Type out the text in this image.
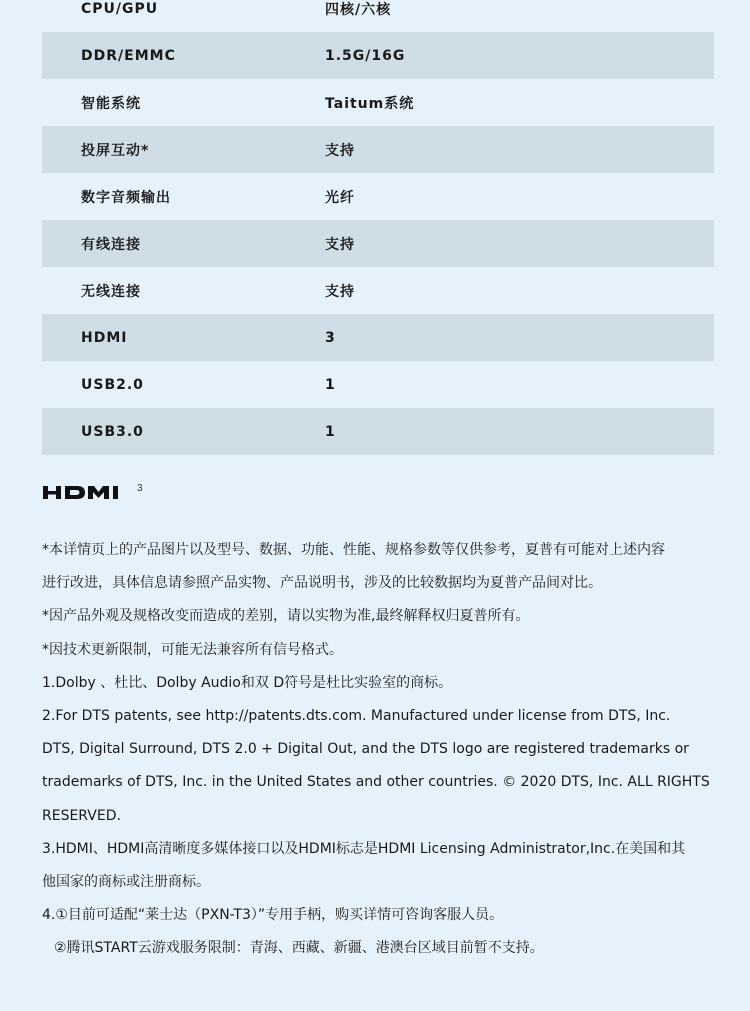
CPU/GPU	四核/六核
DDR/EMMC	1.5G/16G
智能系统	Taitum系统
投屏互动*	支持
数字音频输出	光纤
有线连接	支持
无线连接	支持
HDMI	3
USB2.0	1
USB3.0	1
3
*本详情页上的产品图片以及型号、数据、功能、性能、规格参数等仅供参考，夏普有可能对上述内容
进行改进，具体信息请参照产品实物、产品说明书，涉及的比较数据均为夏普产品间对比。
*因产品外观及规格改变而造成的差别，请以实物为准,最终解释权归夏普所有。
*因技术更新限制，可能无法兼容所有信号格式。
1.Dolby 、杜比、Dolby Audio和双 D符号是杜比实验室的商标。
2.For DTS patents, see http://patents.dts.com. Manufactured under license from DTS, Inc.
DTS, Digital Surround, DTS 2.0 + Digital Out, and the DTS logo are registered trademarks or
trademarks of DTS, Inc. in the United States and other countries. © 2020 DTS, Inc. ALL RIGHTS
RESERVED.
3.HDMI、HDMI高清晰度多媒体接口以及HDMI标志是HDMI Licensing Administrator,Inc.在美国和其
他国家的商标或注册商标。
4.①目前可适配“莱士达（PXN-T3）”专用手柄，购买详情可咨询客服人员。
②腾讯START云游戏服务限制：青海、西藏、新疆、港澳台区域目前暂不支持。
